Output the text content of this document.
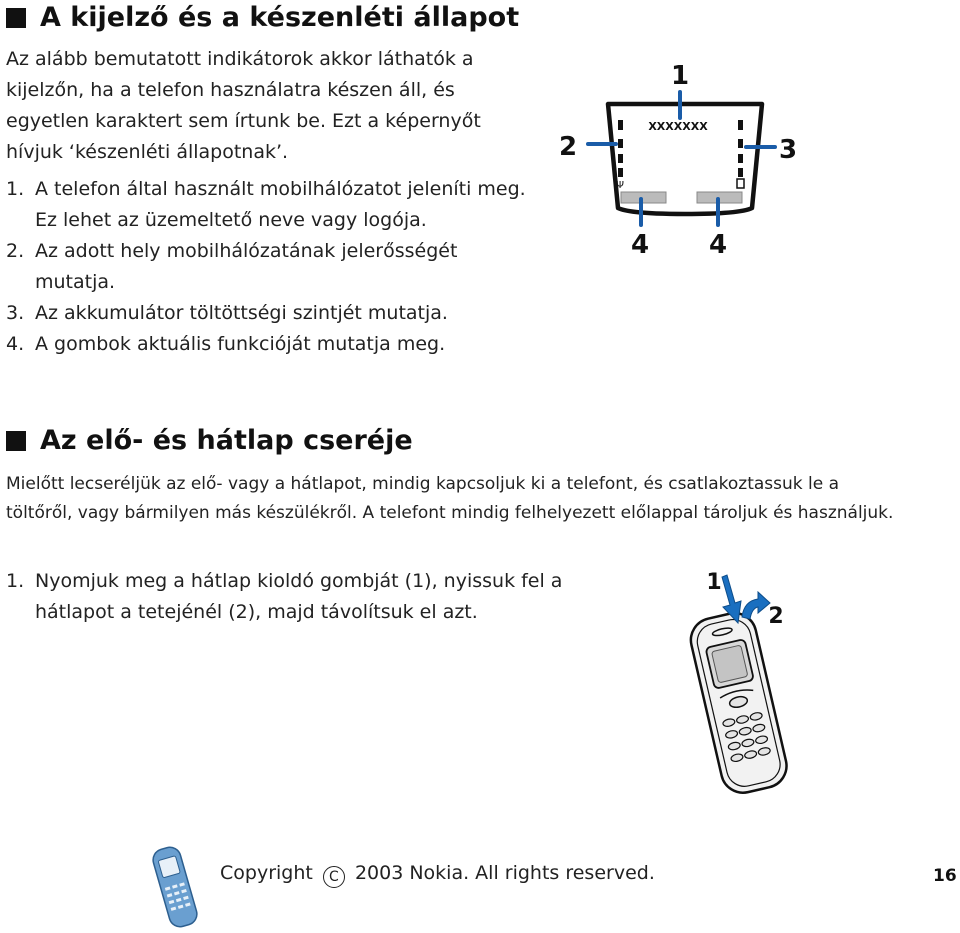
A kijelző és a készenléti állapot

Az alább bemutatott indikátorok akkor láthatók a kijelzőn, ha a telefon használatra készen áll, és egyetlen karaktert sem írtunk be. Ezt a képernyőt hívjuk ‘készenléti állapotnak’.

1. A telefon által használt mobilhálózatot jeleníti meg. Ez lehet az üzemeltető neve vagy logója.
2. Az adott hely mobilhálózatának jelerősségét mutatja.
3. Az akkumulátor töltöttségi szintjét mutatja.
4. A gombok aktuális funkcióját mutatja meg.
XXXXXXX
Ψ
1
2	3
4 4
Az elő- és hátlap cseréje

Mielőtt lecseréljük az elő- vagy a hátlapot, mindig kapcsoljuk ki a telefont, és csatlakoztassuk le a töltőről, vagy bármilyen más készülékről. A telefont mindig felhelyezett előlappal tároljuk és használjuk.

1. Nyomjuk meg a hátlap kioldó gombját (1), nyissuk fel a hátlapot a tetejénél (2), majd távolítsuk el azt.
1
2
Copyright C 2003 Nokia. All rights reserved.	16
